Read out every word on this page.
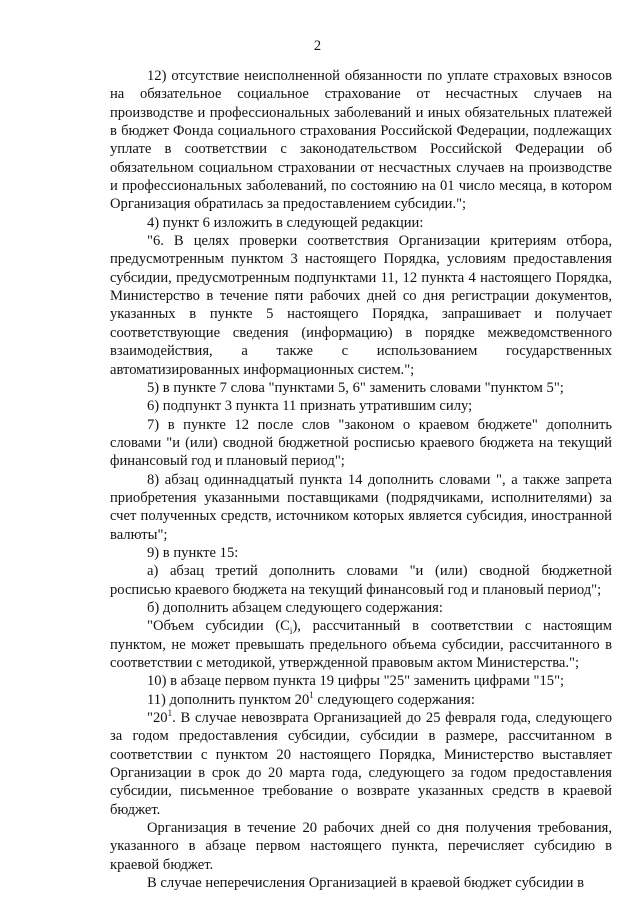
2

12) отсутствие неисполненной обязанности по уплате страховых взносов на обязательное социальное страхование от несчастных случаев на производстве и профессиональных заболеваний и иных обязательных платежей в бюджет Фонда социального страхования Российской Федерации, подлежащих уплате в соответствии с законодательством Российской Федерации об обязательном социальном страховании от несчастных случаев на производстве и профессиональных заболеваний, по состоянию на 01 число месяца, в котором Организация обратилась за предоставлением субсидии.";

4) пункт 6 изложить в следующей редакции:

"6. В целях проверки соответствия Организации критериям отбора, предусмотренным пунктом 3 настоящего Порядка, условиям предоставления субсидии, предусмотренным подпунктами 11, 12 пункта 4 настоящего Порядка, Министерство в течение пяти рабочих дней со дня регистрации документов, указанных в пункте 5 настоящего Порядка, запрашивает и получает соответствующие сведения (информацию) в порядке межведомственного взаимодействия, а также с использованием государственных автоматизированных информационных систем.";

5) в пункте 7 слова "пунктами 5, 6" заменить словами "пунктом 5";

6) подпункт 3 пункта 11 признать утратившим силу;

7) в пункте 12 после слов "законом о краевом бюджете" дополнить словами "и (или) сводной бюджетной росписью краевого бюджета на текущий финансовый год и плановый период";

8) абзац одиннадцатый пункта 14 дополнить словами ", а также запрета приобретения указанными поставщиками (подрядчиками, исполнителями) за счет полученных средств, источником которых является субсидия, иностранной валюты";

9) в пункте 15:

а) абзац третий дополнить словами "и (или) сводной бюджетной росписью краевого бюджета на текущий финансовый год и плановый период";

б) дополнить абзацем следующего содержания:

"Объем субсидии $(C_i)$, рассчитанный в соответствии с настоящим пунктом, не может превышать предельного объема субсидии, рассчитанного в соответствии с методикой, утвержденной правовым актом Министерства.";

10) в абзаце первом пункта 19 цифры "25" заменить цифрами "15";

11) дополнить пунктом $20^1$ следующего содержания:

"$20^1$. В случае невозврата Организацией до 25 февраля года, следующего за годом предоставления субсидии, субсидии в размере, рассчитанном в соответствии с пунктом 20 настоящего Порядка, Министерство выставляет Организации в срок до 20 марта года, следующего за годом предоставления субсидии, письменное требование о возврате указанных средств в краевой бюджет.

Организация в течение 20 рабочих дней со дня получения требования, указанного в абзаце первом настоящего пункта, перечисляет субсидию в краевой бюджет.

В случае неперечисления Организацией в краевой бюджет субсидии в
